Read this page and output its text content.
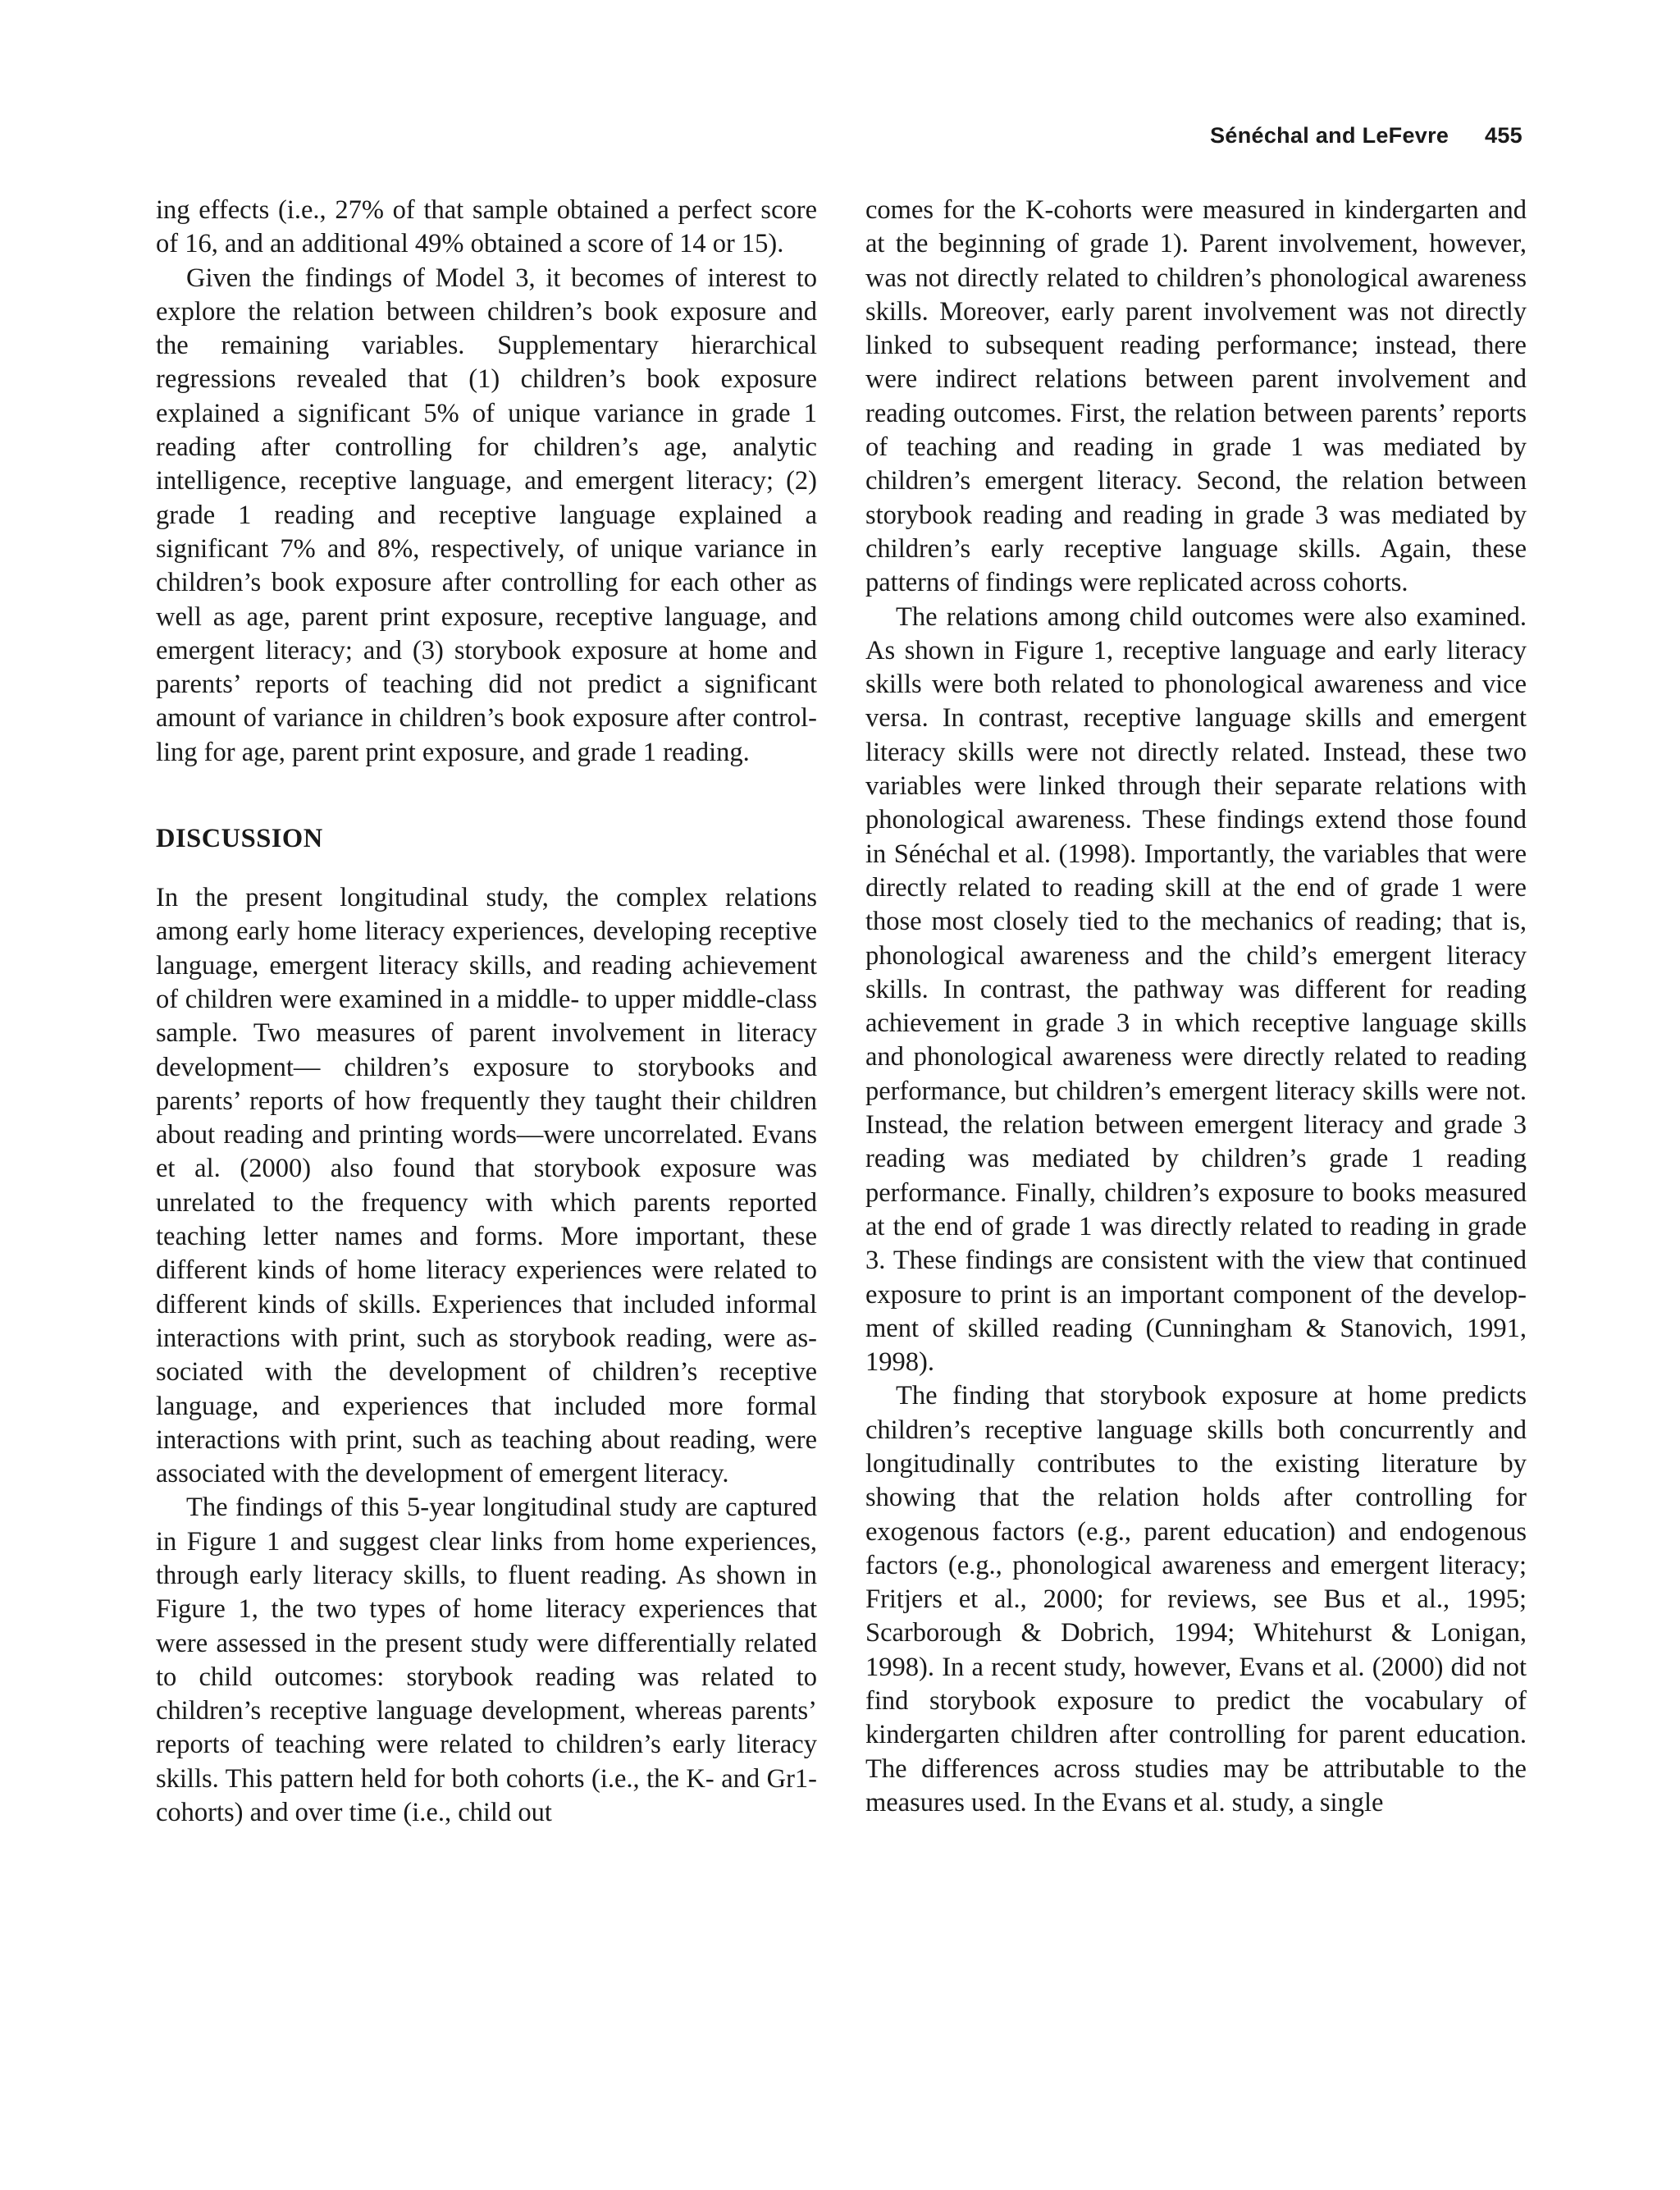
Sénéchal and LeFevre 455

ing effects (i.e., 27% of that sample obtained a perfect score of 16, and an additional 49% obtained a score of 14 or 15).

Given the findings of Model 3, it becomes of interest to explore the relation between children’s book exposure and the remaining variables. Supplementary hierarchical regressions revealed that (1) children’s book exposure explained a significant 5% of unique variance in grade 1 reading after controlling for children’s age, analytic intelligence, receptive language, and emergent literacy; (2) grade 1 reading and receptive language explained a significant 7% and 8%, respectively, of unique variance in children’s book exposure after controlling for each other as well as age, parent print exposure, receptive language, and emergent literacy; and (3) storybook exposure at home and parents’ reports of teaching did not predict a significant amount of variance in children’s book exposure after controlling for age, parent print exposure, and grade 1 reading.

DISCUSSION

In the present longitudinal study, the complex relations among early home literacy experiences, developing receptive language, emergent literacy skills, and reading achievement of children were examined in a middle- to upper middle-class sample. Two measures of parent involvement in literacy development— children’s exposure to storybooks and parents’ reports of how frequently they taught their children about reading and printing words—were uncorrelated. Evans et al. (2000) also found that storybook exposure was unrelated to the frequency with which parents reported teaching letter names and forms. More important, these different kinds of home literacy experiences were related to different kinds of skills. Experiences that included informal interactions with print, such as storybook reading, were associated with the development of children’s receptive language, and experiences that included more formal interactions with print, such as teaching about reading, were associated with the development of emergent literacy.

The findings of this 5-year longitudinal study are captured in Figure 1 and suggest clear links from home experiences, through early literacy skills, to fluent reading. As shown in Figure 1, the two types of home literacy experiences that were assessed in the present study were differentially related to child outcomes: storybook reading was related to children’s receptive language development, whereas parents’ reports of teaching were related to children’s early literacy skills. This pattern held for both cohorts (i.e., the K- and Gr1-cohorts) and over time (i.e., child out

comes for the K-cohorts were measured in kindergarten and at the beginning of grade 1). Parent involvement, however, was not directly related to children’s phonological awareness skills. Moreover, early parent involvement was not directly linked to subsequent reading performance; instead, there were indirect relations between parent involvement and reading outcomes. First, the relation between parents’ reports of teaching and reading in grade 1 was mediated by children’s emergent literacy. Second, the relation between storybook reading and reading in grade 3 was mediated by children’s early receptive language skills. Again, these patterns of findings were replicated across cohorts.

The relations among child outcomes were also examined. As shown in Figure 1, receptive language and early literacy skills were both related to phonological awareness and vice versa. In contrast, receptive language skills and emergent literacy skills were not directly related. Instead, these two variables were linked through their separate relations with phonological awareness. These findings extend those found in Sénéchal et al. (1998). Importantly, the variables that were directly related to reading skill at the end of grade 1 were those most closely tied to the mechanics of reading; that is, phonological awareness and the child’s emergent literacy skills. In contrast, the pathway was different for reading achievement in grade 3 in which receptive language skills and phonological awareness were directly related to reading performance, but children’s emergent literacy skills were not. Instead, the relation between emergent literacy and grade 3 reading was mediated by children’s grade 1 reading performance. Finally, children’s exposure to books measured at the end of grade 1 was directly related to reading in grade 3. These findings are consistent with the view that continued exposure to print is an important component of the development of skilled reading (Cunningham & Stanovich, 1991, 1998).

The finding that storybook exposure at home predicts children’s receptive language skills both concurrently and longitudinally contributes to the existing literature by showing that the relation holds after controlling for exogenous factors (e.g., parent education) and endogenous factors (e.g., phonological awareness and emergent literacy; Fritjers et al., 2000; for reviews, see Bus et al., 1995; Scarborough & Dobrich, 1994; Whitehurst & Lonigan, 1998). In a recent study, however, Evans et al. (2000) did not find storybook exposure to predict the vocabulary of kindergarten children after controlling for parent education. The differences across studies may be attributable to the measures used. In the Evans et al. study, a single
